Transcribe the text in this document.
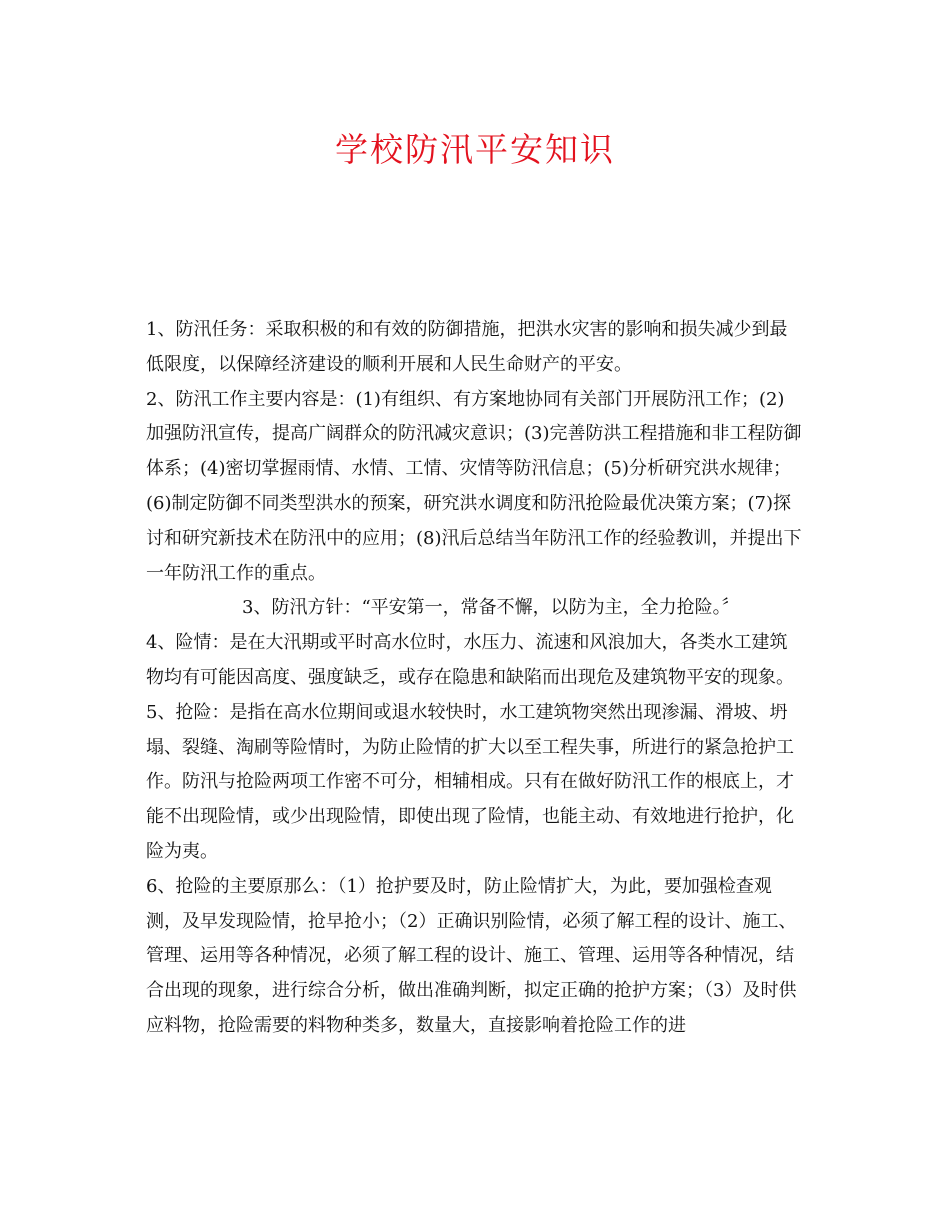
学校防汛平安知识

1、防汛任务：采取积极的和有效的防御措施，把洪水灾害的影响和损失减少到最低限度，以保障经济建设的顺利开展和人民生命财产的平安。

2、防汛工作主要内容是：(1)有组织、有方案地协同有关部门开展防汛工作；(2)加强防汛宣传，提高广阔群众的防汛减灾意识；(3)完善防洪工程措施和非工程防御体系；(4)密切掌握雨情、水情、工情、灾情等防汛信息；(5)分析研究洪水规律；(6)制定防御不同类型洪水的预案，研究洪水调度和防汛抢险最优决策方案；(7)探讨和研究新技术在防汛中的应用；(8)汛后总结当年防汛工作的经验教训，并提出下一年防汛工作的重点。

3、防汛方针：“平安第一，常备不懈，以防为主，全力抢险。〞

4、险情：是在大汛期或平时高水位时，水压力、流速和风浪加大，各类水工建筑物均有可能因高度、强度缺乏，或存在隐患和缺陷而出现危及建筑物平安的现象。

5、抢险：是指在高水位期间或退水较快时，水工建筑物突然出现渗漏、滑坡、坍塌、裂缝、淘刷等险情时，为防止险情的扩大以至工程失事，所进行的紧急抢护工作。防汛与抢险两项工作密不可分，相辅相成。只有在做好防汛工作的根底上，才能不出现险情，或少出现险情，即使出现了险情，也能主动、有效地进行抢护，化险为夷。

6、抢险的主要原那么：（1）抢护要及时，防止险情扩大，为此，要加强检查观测，及早发现险情，抢早抢小；（2）正确识别险情，必须了解工程的设计、施工、管理、运用等各种情况，必须了解工程的设计、施工、管理、运用等各种情况，结合出现的现象，进行综合分析，做出准确判断，拟定正确的抢护方案；（3）及时供应料物，抢险需要的料物种类多，数量大，直接影响着抢险工作的进
